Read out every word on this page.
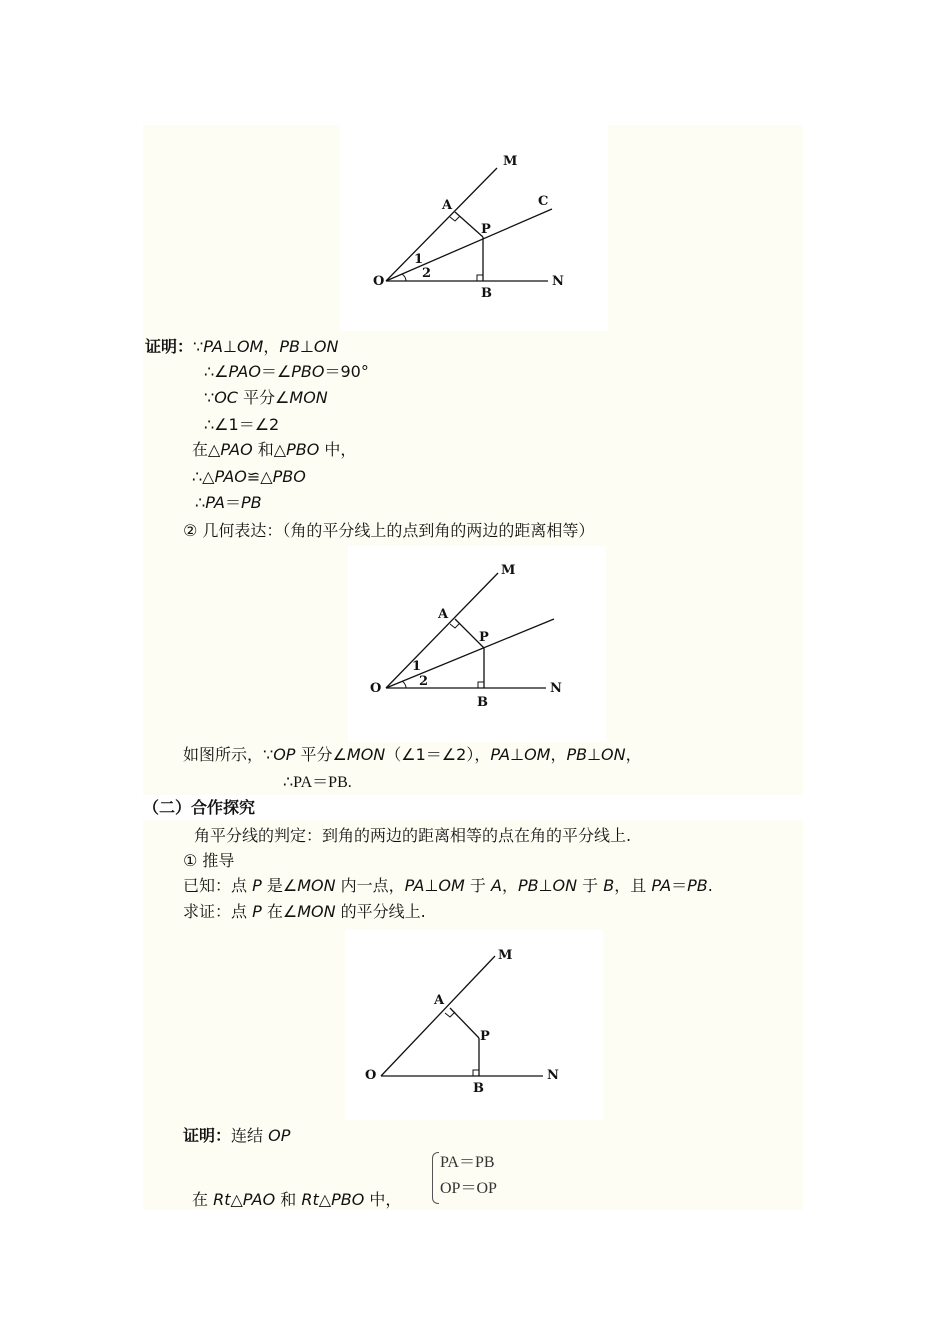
M
A	C
P
O
1
2
B
N
证明：∵PA⊥OM，PB⊥ON
∴∠PAO＝∠PBO＝90°
∵OC 平分∠MON
∴∠1＝∠2
在△PAO 和△PBO 中，
∴△PAO≌△PBO
∴PA＝PB
② 几何表达：（角的平分线上的点到角的两边的距离相等）
M
A
P
O
1
2
B
N
如图所示，∵OP 平分∠MON（∠1＝∠2），PA⊥OM，PB⊥ON，
∴PA＝PB.
（二）合作探究
角平分线的判定：到角的两边的距离相等的点在角的平分线上.
① 推导
已知：点 P 是∠MON 内一点，PA⊥OM 于 A，PB⊥ON 于 B，且 PA＝PB.
求证：点 P 在∠MON 的平分线上.
M
A
P
O
B
N
证明：连结 OP
PA＝PB
OP＝OP
在 Rt△PAO 和 Rt△PBO 中，
